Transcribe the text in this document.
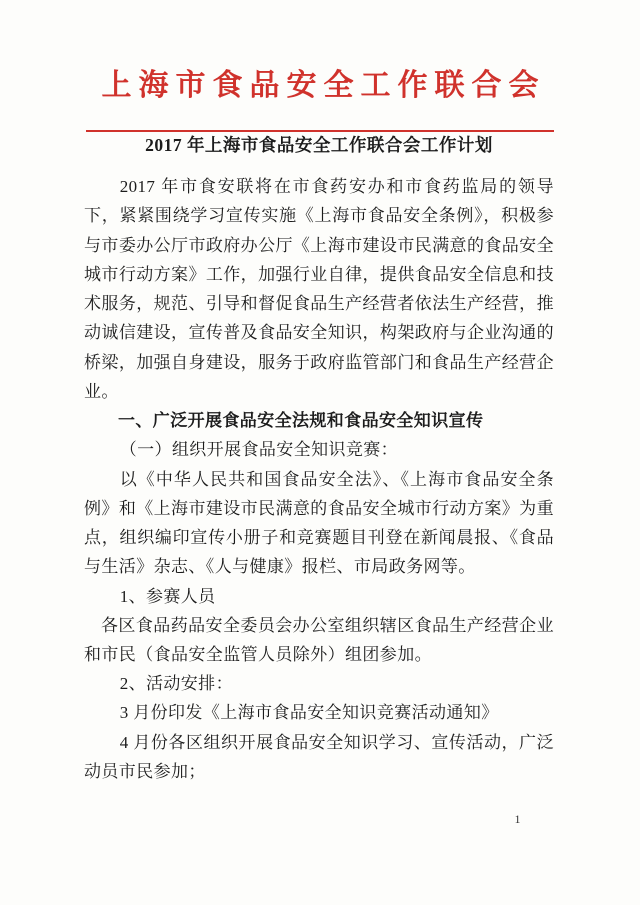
上海市食品安全工作联合会

2017 年上海市食品安全工作联合会工作计划

2017 年市食安联将在市食药安办和市食药监局的领导下，紧紧围绕学习宣传实施《上海市食品安全条例》，积极参与市委办公厅市政府办公厅《上海市建设市民满意的食品安全城市行动方案》工作，加强行业自律，提供食品安全信息和技术服务，规范、引导和督促食品生产经营者依法生产经营，推动诚信建设，宣传普及食品安全知识，构架政府与企业沟通的桥梁，加强自身建设，服务于政府监管部门和食品生产经营企业。

一、广泛开展食品安全法规和食品安全知识宣传

（一）组织开展食品安全知识竞赛：

以《中华人民共和国食品安全法》、《上海市食品安全条例》和《上海市建设市民满意的食品安全城市行动方案》为重点，组织编印宣传小册子和竞赛题目刊登在新闻晨报、《食品与生活》杂志、《人与健康》报栏、市局政务网等。

1、参赛人员

各区食品药品安全委员会办公室组织辖区食品生产经营企业和市民（食品安全监管人员除外）组团参加。

2、活动安排：

3 月份印发《上海市食品安全知识竞赛活动通知》

4 月份各区组织开展食品安全知识学习、宣传活动，广泛动员市民参加；

1
